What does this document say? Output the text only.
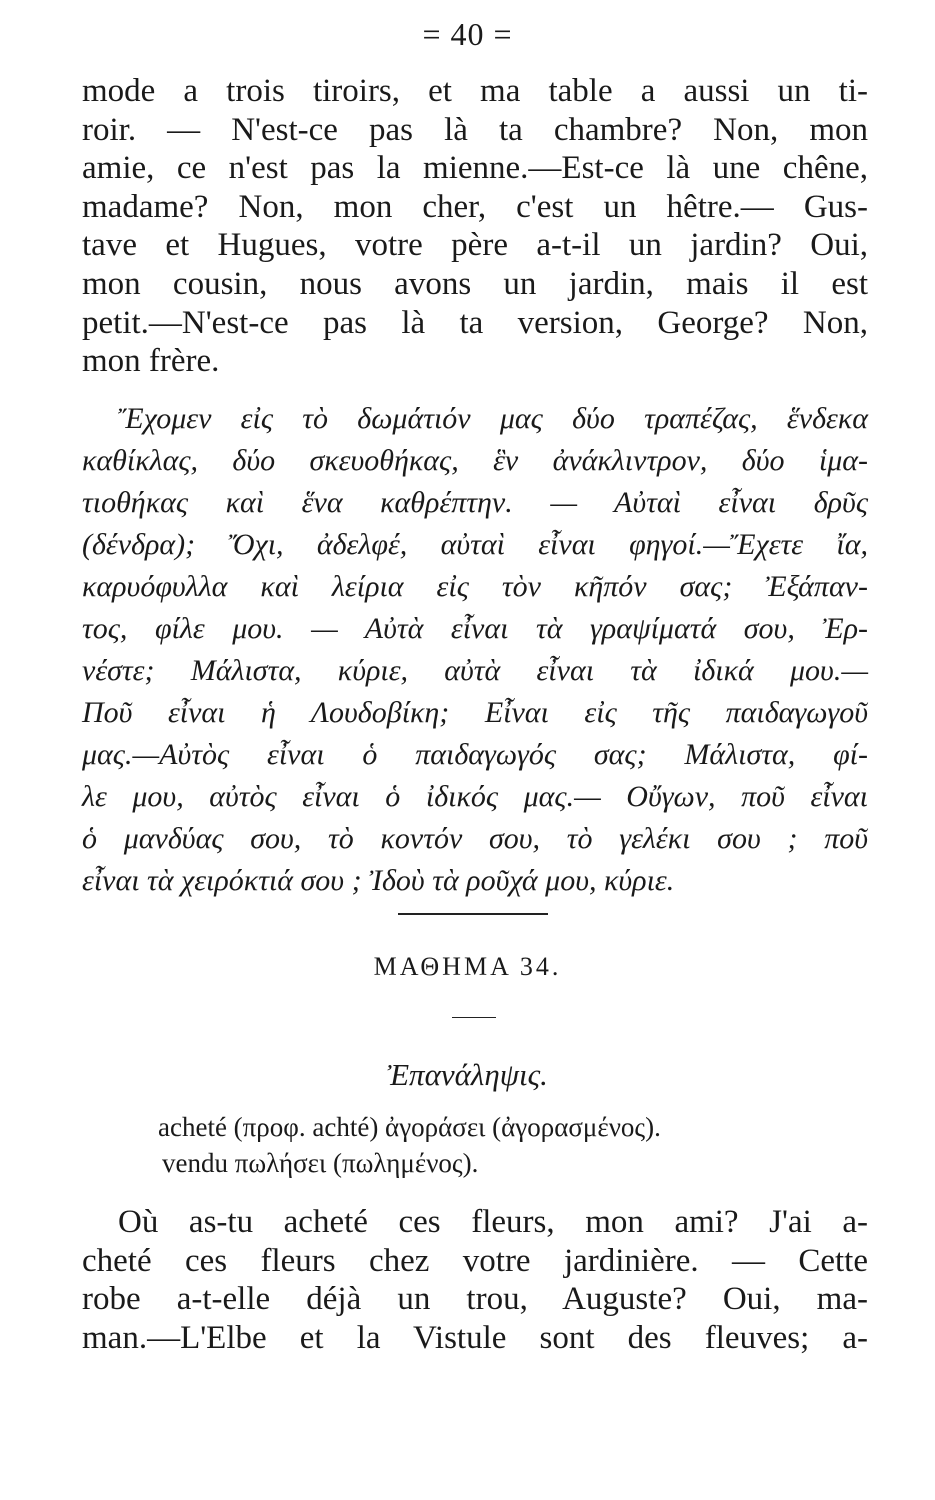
= 40 =
mode a trois tiroirs, et ma table a aussi un ti-
roir. — N'est-ce pas là ta chambre? Non, mon
amie, ce n'est pas la mienne.—Est-ce là une chêne,
madame? Non, mon cher, c'est un hêtre.— Gus-
tave et Hugues, votre père a-t-il un jardin? Oui,
mon cousin, nous avons un jardin, mais il est
petit.—N'est-ce pas là ta version, George? Non,
mon frère.
Ἔχομεν εἰς τὸ δωμάτιόν μας δύο τραπέζας, ἕνδεκα
καθίκλας, δύο σκευοθήκας, ἓν ἀνάκλιντρον, δύο ἱμα-
τιοθήκας καὶ ἕνα καθρέπτην. — Αὐταὶ εἶναι δρῦς
(δένδρα); Ὄχι, ἀδελφέ, αὐταὶ εἶναι φηγοί.—Ἔχετε ἴα,
καρυόφυλλα καὶ λείρια εἰς τὸν κῆπόν σας; Ἐξάπαν-
τος, φίλε μου. — Αὐτὰ εἶναι τὰ γραψίματά σου, Ἐρ-
νέστε; Μάλιστα, κύριε, αὐτὰ εἶναι τὰ ἰδικά μου.—
Ποῦ εἶναι ἡ Λουδοβίκη; Εἶναι εἰς τῆς παιδαγωγοῦ
μας.—Αὐτὸς εἶναι ὁ παιδαγωγός σας; Μάλιστα, φί-
λε μου, αὐτὸς εἶναι ὁ ἰδικός μας.— Οὔγων, ποῦ εἶναι
ὁ μανδύας σου, τὸ κοντόν σου, τὸ γελέκι σου ; ποῦ
εἶναι τὰ χειρόκτιά σου ; Ἰδοὺ τὰ ροῦχά μου, κύριε.
ΜΑΘΗΜΑ 34.
Ἐπανάληψις.
acheté (προφ. achté) ἀγοράσει (ἀγορασμένος).
vendu πωλήσει (πωλημένος).
Où as-tu acheté ces fleurs, mon ami? J'ai a-
cheté ces fleurs chez votre jardinière. — Cette
robe a-t-elle déjà un trou, Auguste? Oui, ma-
man.—L'Elbe et la Vistule sont des fleuves; a-
